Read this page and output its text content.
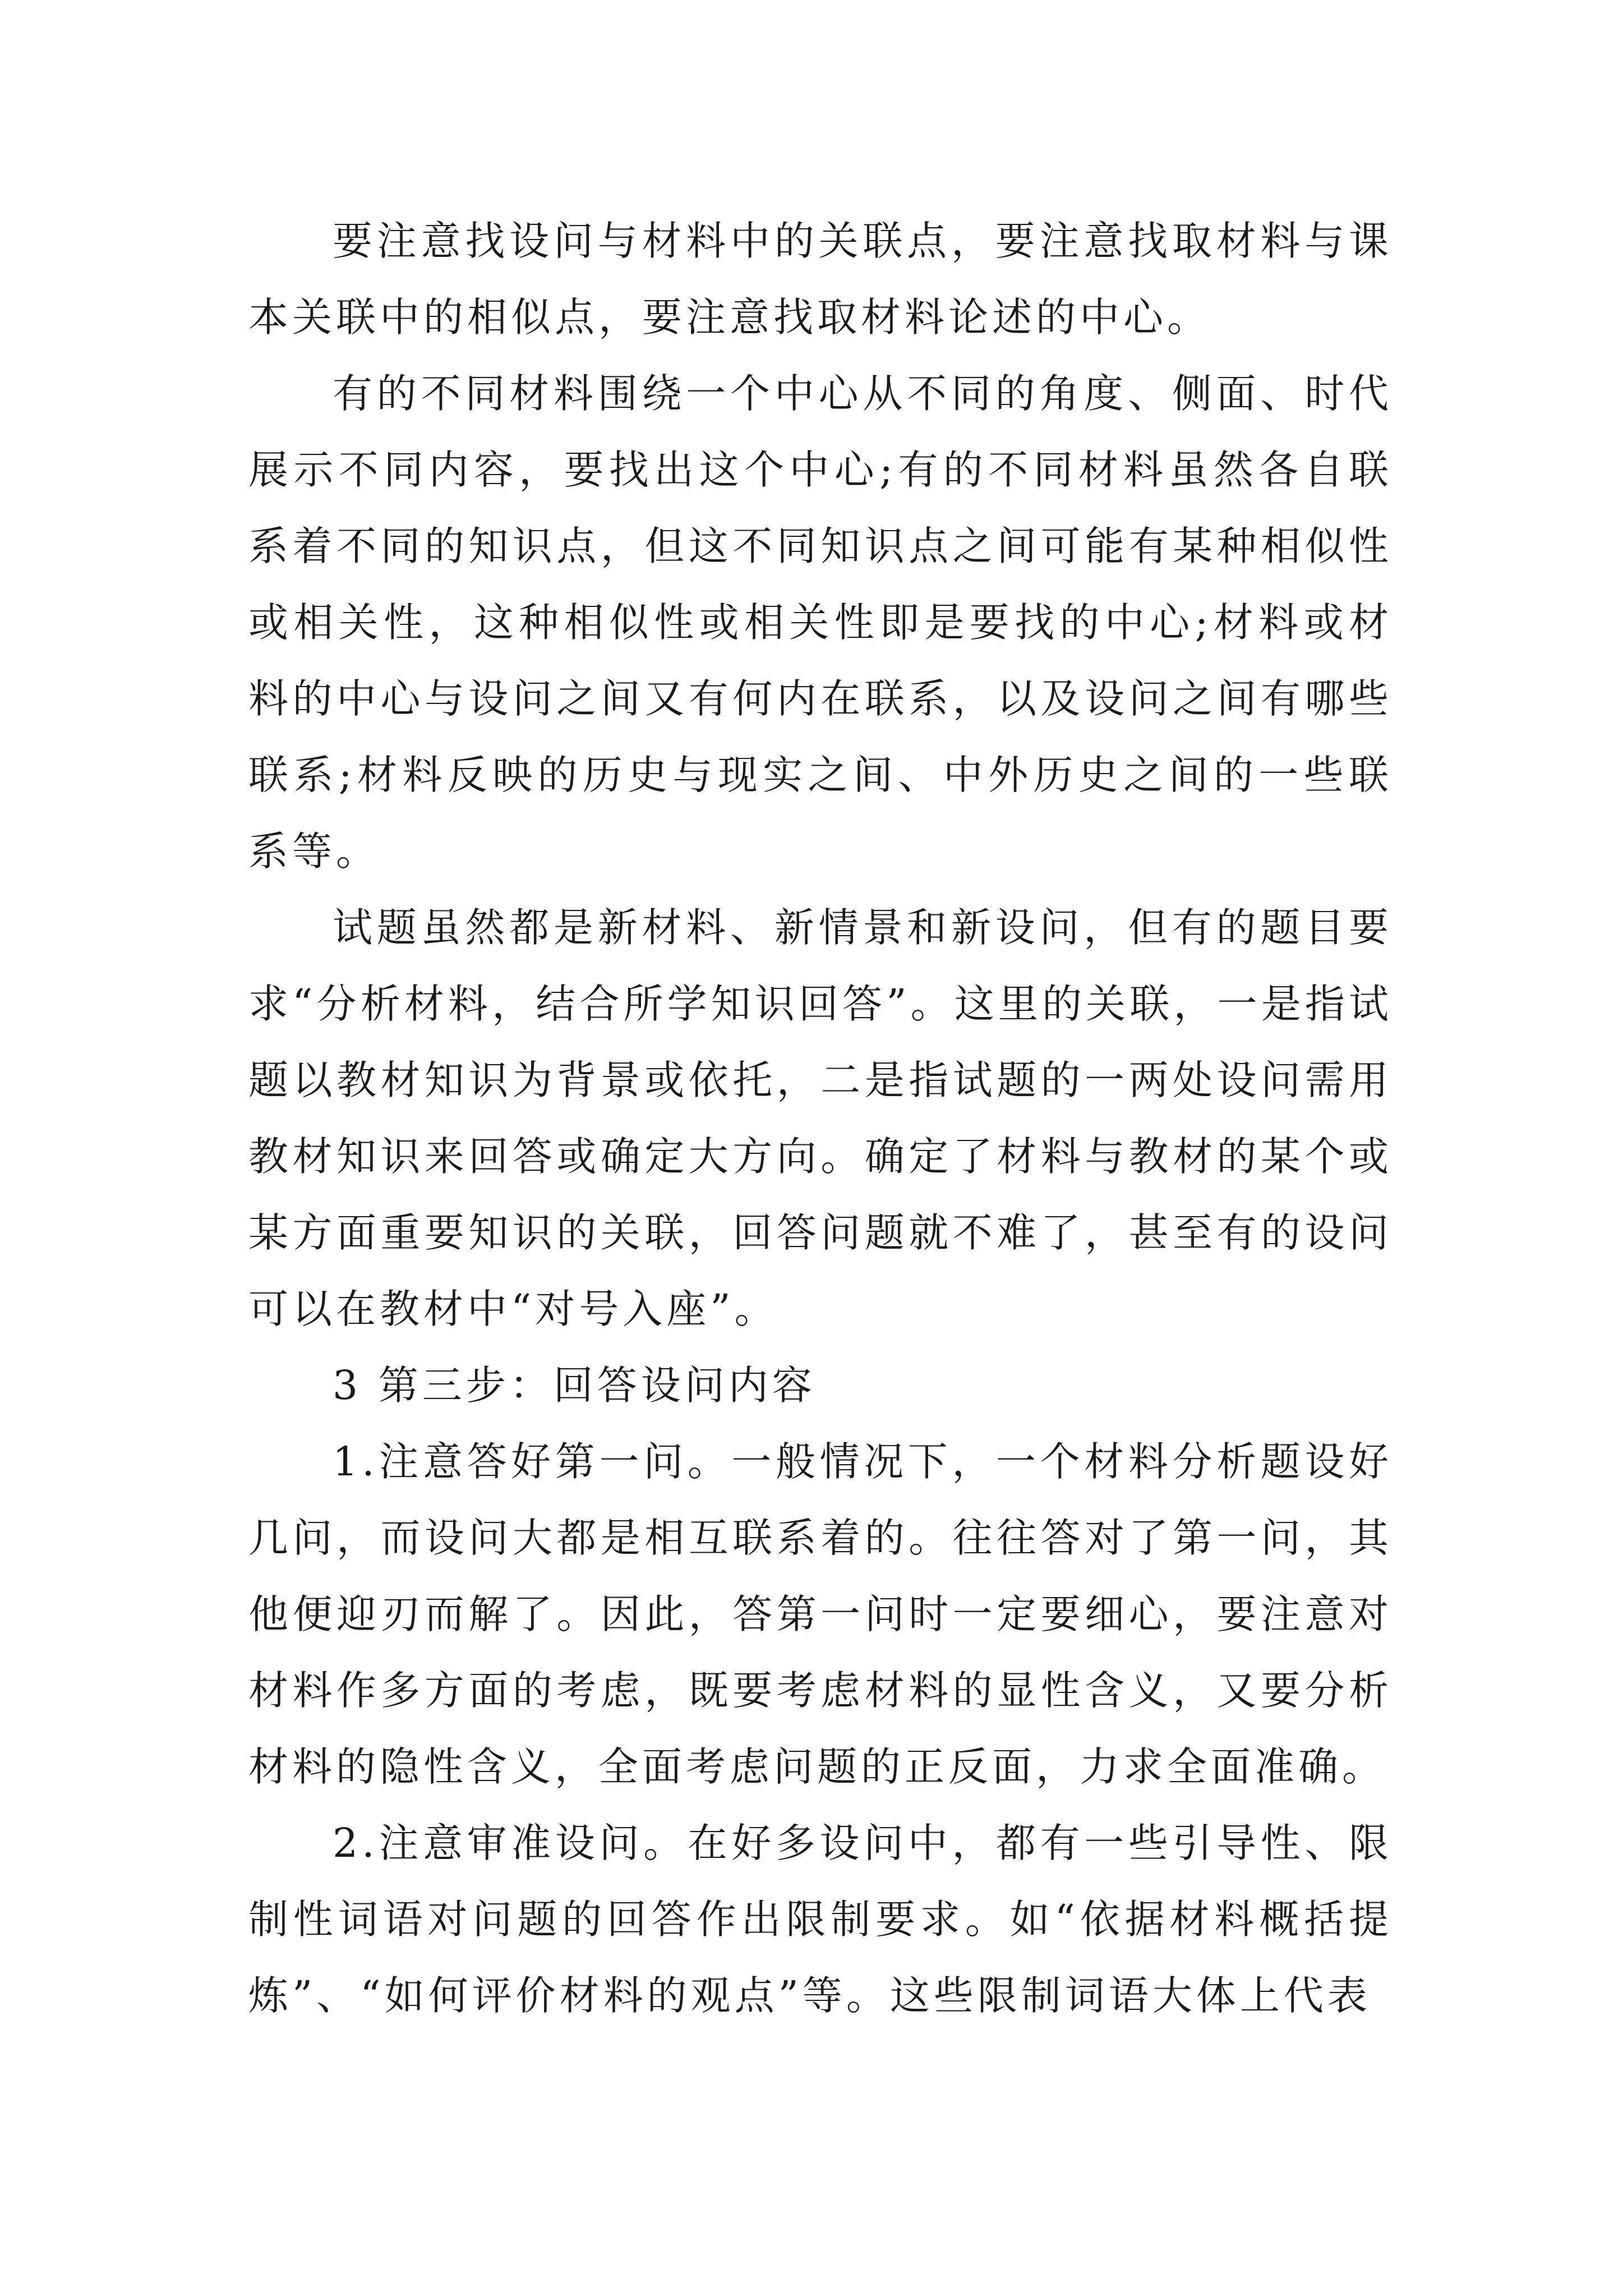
要注意找设问与材料中的关联点，要注意找取材料与课本关联中的相似点，要注意找取材料论述的中心。

有的不同材料围绕一个中心从不同的角度、侧面、时代展示不同内容，要找出这个中心;有的不同材料虽然各自联系着不同的知识点，但这不同知识点之间可能有某种相似性或相关性，这种相似性或相关性即是要找的中心;材料或材料的中心与设问之间又有何内在联系，以及设问之间有哪些联系;材料反映的历史与现实之间、中外历史之间的一些联系等。

试题虽然都是新材料、新情景和新设问，但有的题目要求“分析材料，结合所学知识回答”。这里的关联，一是指试题以教材知识为背景或依托，二是指试题的一两处设问需用教材知识来回答或确定大方向。确定了材料与教材的某个或某方面重要知识的关联，回答问题就不难了，甚至有的设问可以在教材中“对号入座”。

3 第三步：回答设问内容

1.注意答好第一问。一般情况下，一个材料分析题设好几问，而设问大都是相互联系着的。往往答对了第一问，其他便迎刃而解了。因此，答第一问时一定要细心，要注意对材料作多方面的考虑，既要考虑材料的显性含义，又要分析材料的隐性含义，全面考虑问题的正反面，力求全面准确。

2.注意审准设问。在好多设问中，都有一些引导性、限制性词语对问题的回答作出限制要求。如“依据材料概括提炼”、“如何评价材料的观点”等。这些限制词语大体上代表
